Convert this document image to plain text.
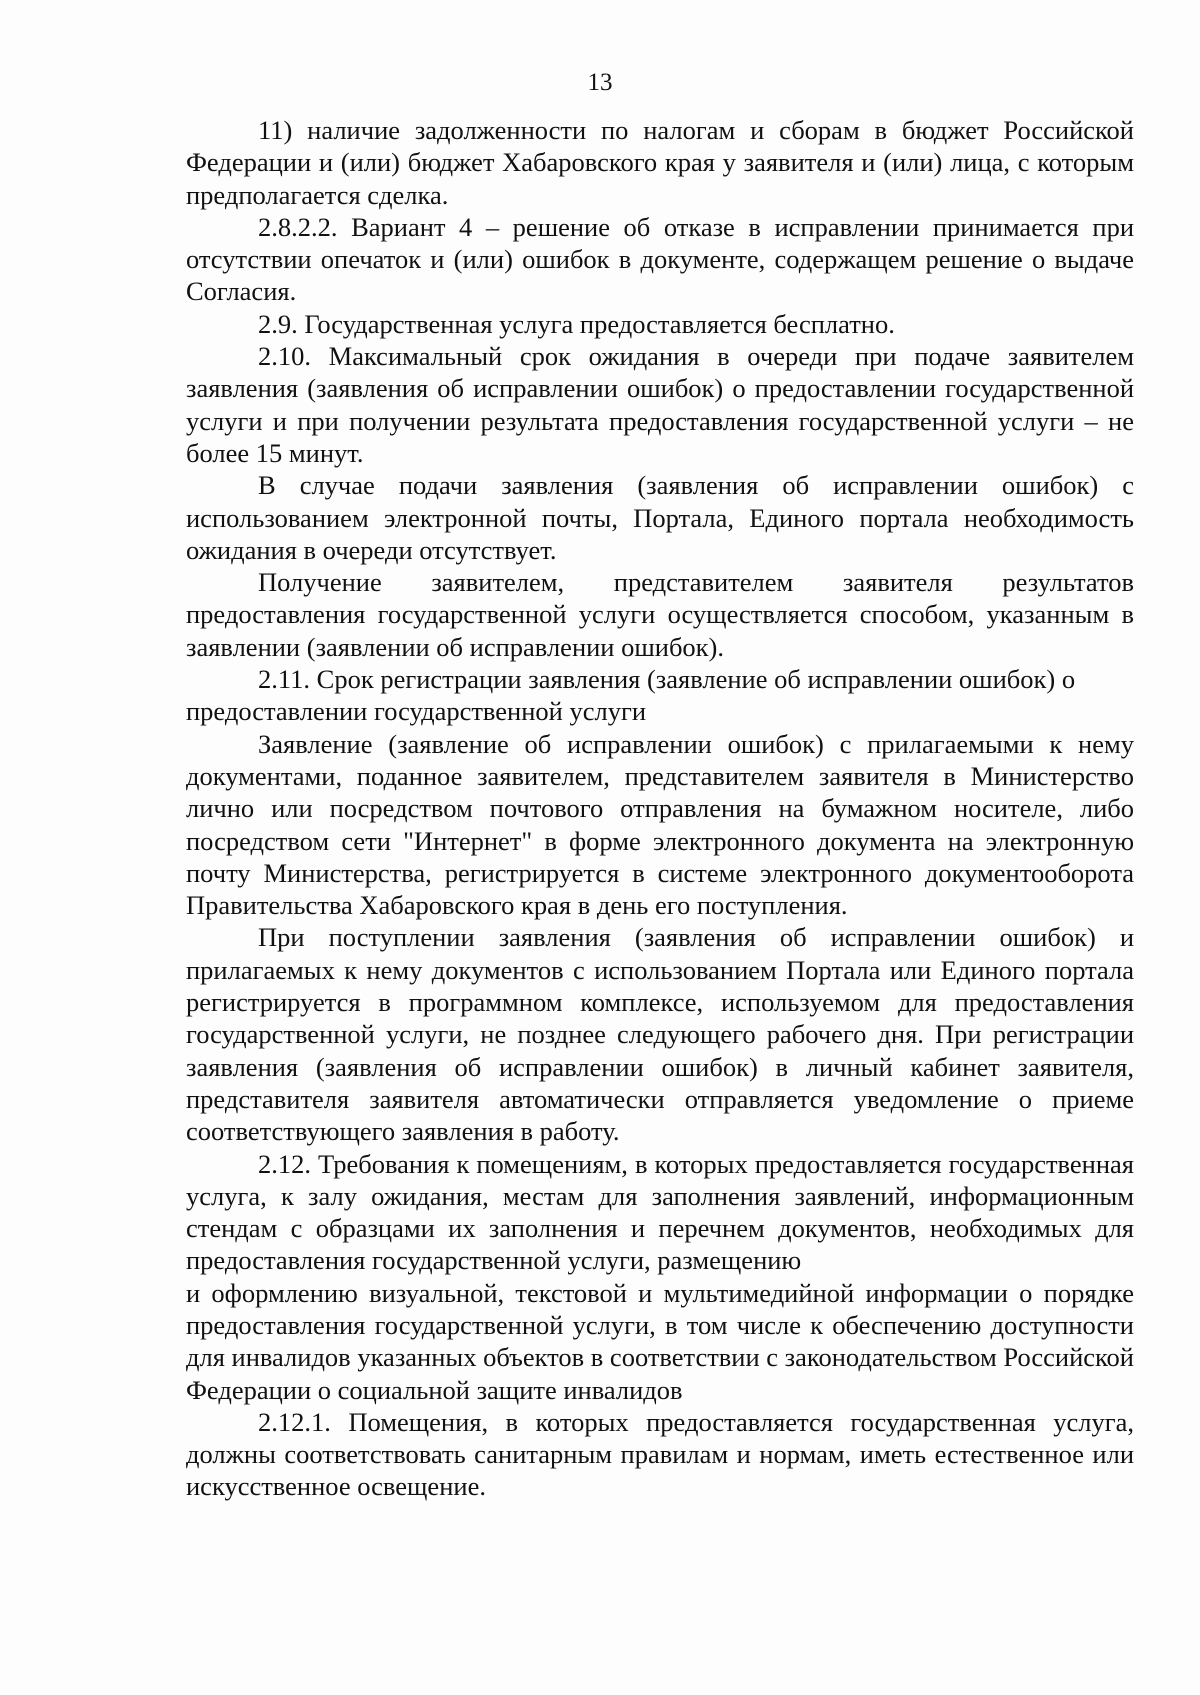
13

11) наличие задолженности по налогам и сборам в бюджет Российской Федерации и (или) бюджет Хабаровского края у заявителя и (или) лица, с которым предполагается сделка.

2.8.2.2. Вариант 4 – решение об отказе в исправлении принимается при отсутствии опечаток и (или) ошибок в документе, содержащем решение о выдаче Согласия.

2.9. Государственная услуга предоставляется бесплатно.

2.10. Максимальный срок ожидания в очереди при подаче заявителем заявления (заявления об исправлении ошибок) о предоставлении государственной услуги и при получении результата предоставления государственной услуги – не более 15 минут.

В случае подачи заявления (заявления об исправлении ошибок) с использованием электронной почты, Портала, Единого портала необходимость ожидания в очереди отсутствует.

Получение заявителем, представителем заявителя результатов предоставления государственной услуги осуществляется способом, указанным в заявлении (заявлении об исправлении ошибок).

2.11. Срок регистрации заявления (заявление об исправлении ошибок) о предоставлении государственной услуги

Заявление (заявление об исправлении ошибок) с прилагаемыми к нему документами, поданное заявителем, представителем заявителя в Министерство лично или посредством почтового отправления на бумажном носителе, либо посредством сети "Интернет" в форме электронного документа на электронную почту Министерства, регистрируется в системе электронного документооборота Правительства Хабаровского края в день его поступления.

При поступлении заявления (заявления об исправлении ошибок) и прилагаемых к нему документов с использованием Портала или Единого портала регистрируется в программном комплексе, используемом для предоставления государственной услуги, не позднее следующего рабочего дня. При регистрации заявления (заявления об исправлении ошибок) в личный кабинет заявителя, представителя заявителя автоматически отправляется уведомление о приеме соответствующего заявления в работу.

2.12. Требования к помещениям, в которых предоставляется государственная услуга, к залу ожидания, местам для заполнения заявлений, информационным стендам с образцами их заполнения и перечнем документов, необходимых для предоставления государственной услуги, размещению

и оформлению визуальной, текстовой и мультимедийной информации о порядке предоставления государственной услуги, в том числе к обеспечению доступности для инвалидов указанных объектов в соответствии с законодательством Российской Федерации о социальной защите инвалидов

2.12.1. Помещения, в которых предоставляется государственная услуга, должны соответствовать санитарным правилам и нормам, иметь естественное или искусственное освещение.
